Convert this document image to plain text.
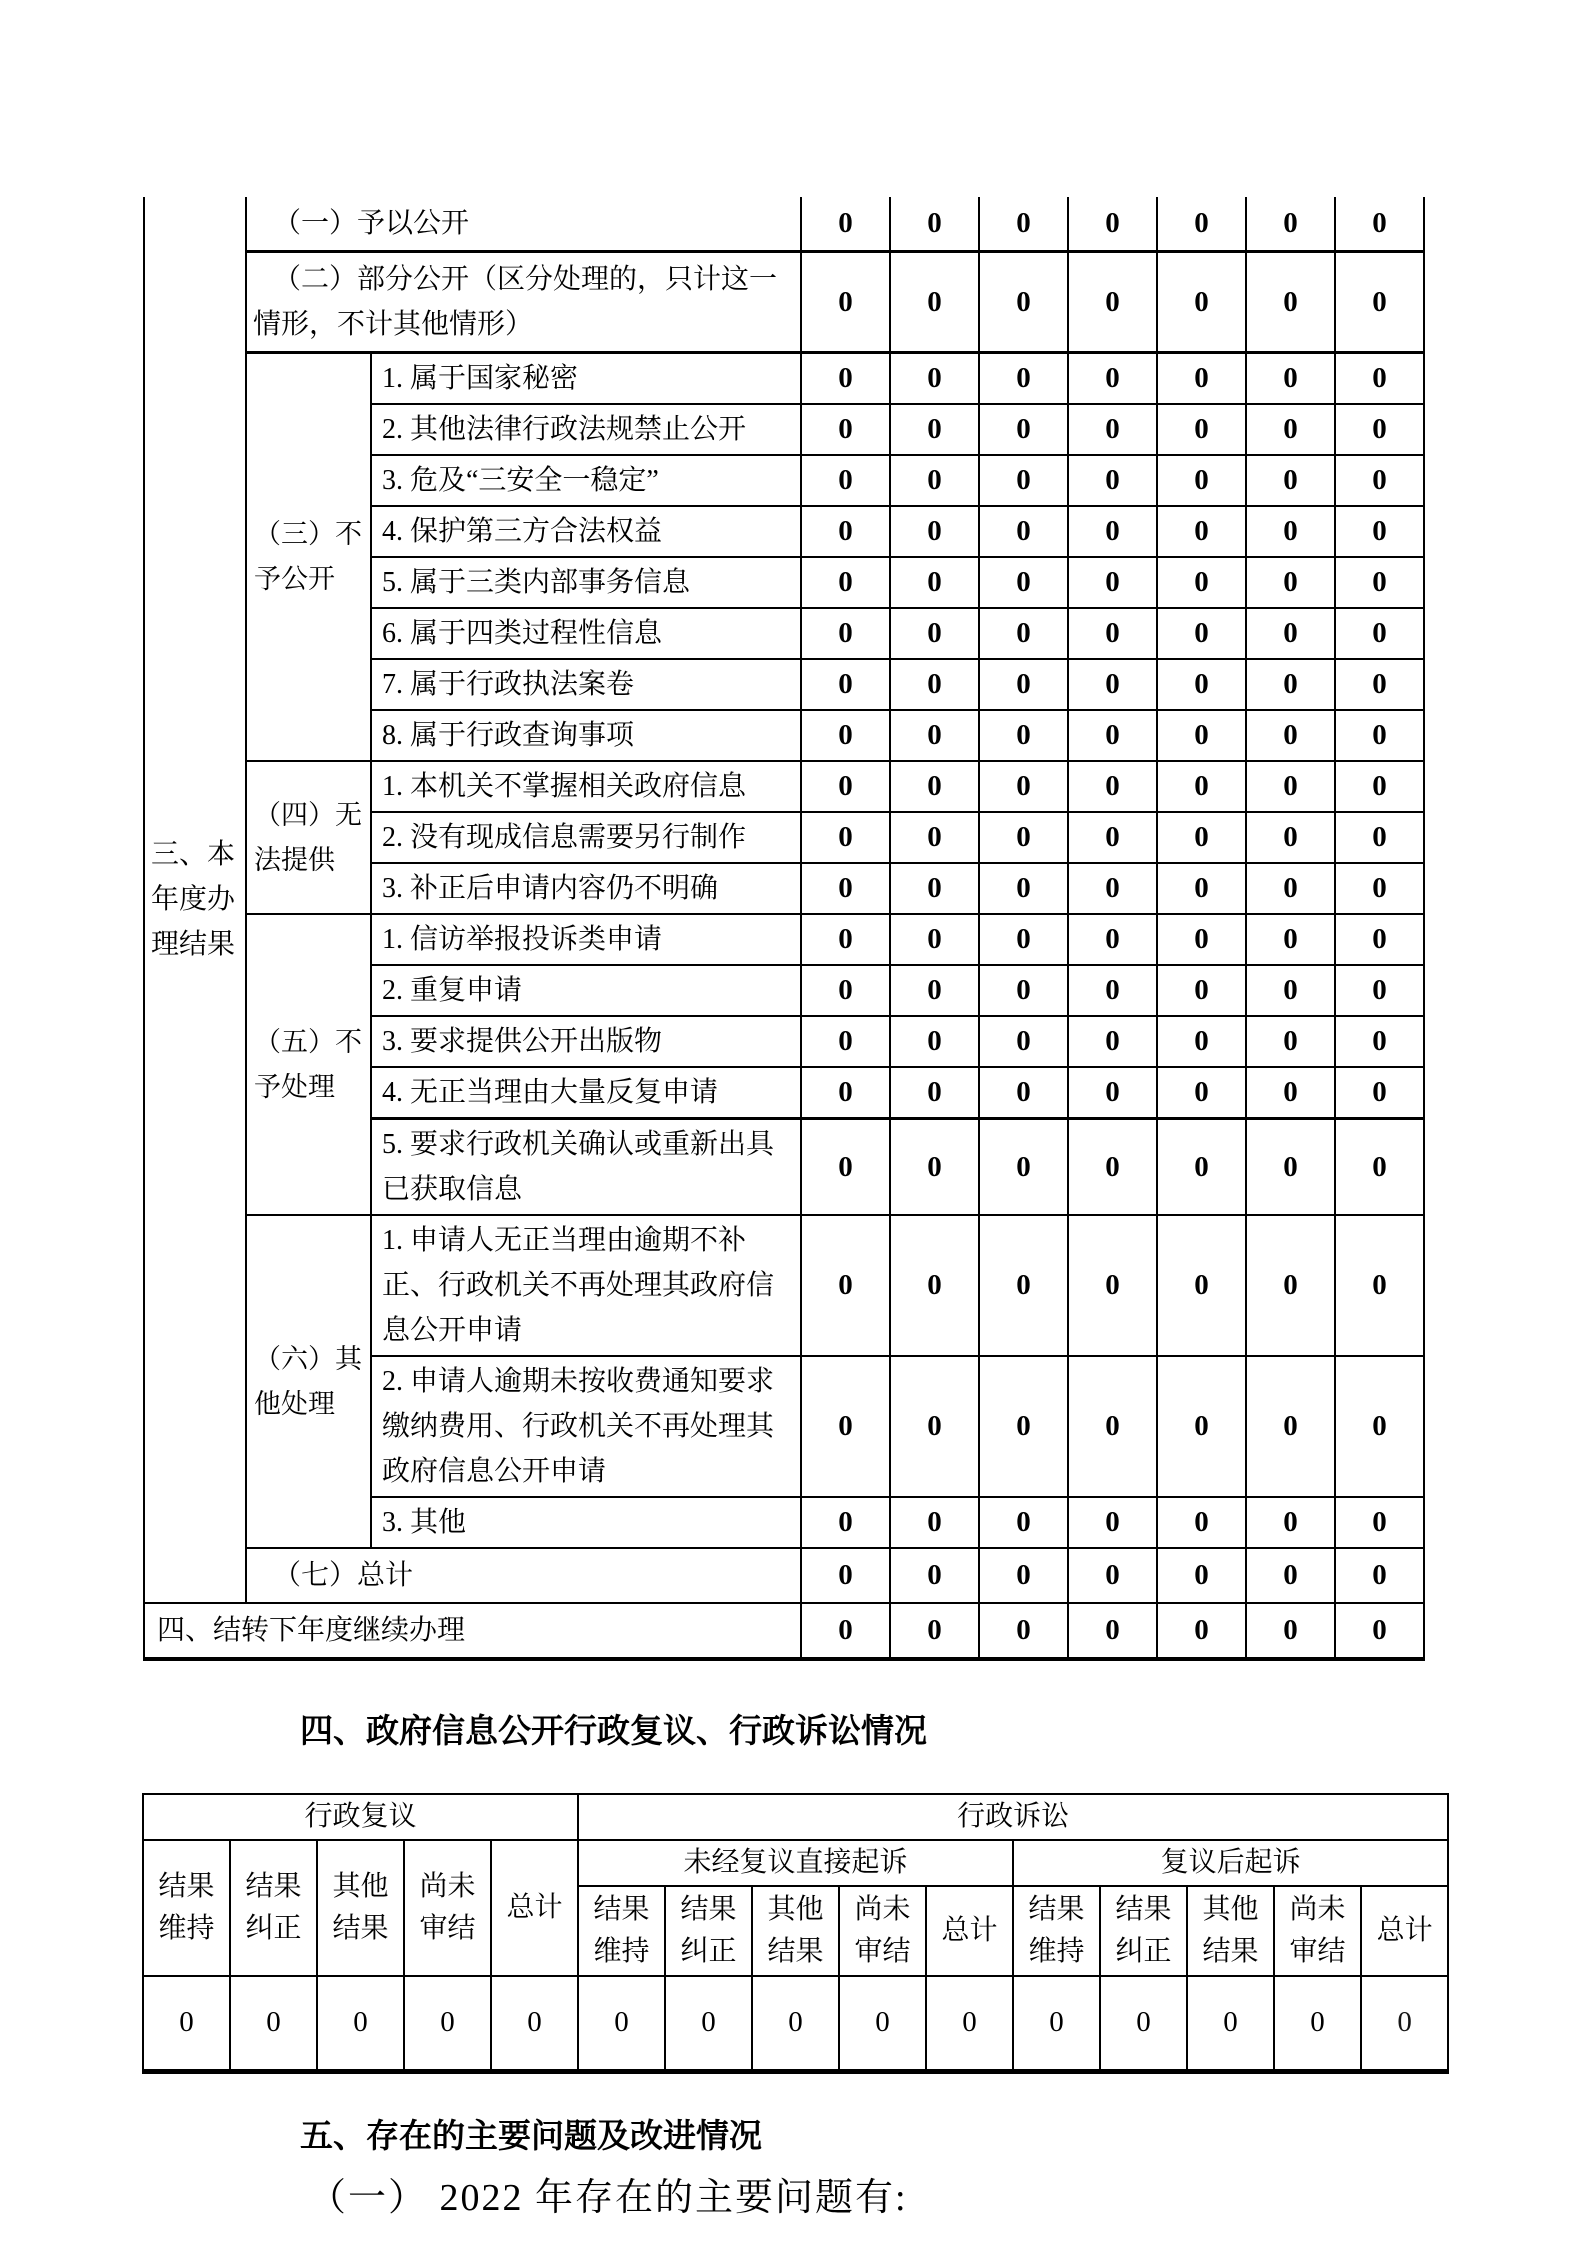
三、本年度办理结果	（一）予以公开		0	0	0	0	0	0	0
	（二）部分公开（区分处理的，只计这一情形，不计其他情形）		0	0	0	0	0	0	0
	（三）不予公开	1. 属于国家秘密	0	0	0	0	0	0	0
		2. 其他法律行政法规禁止公开	0	0	0	0	0	0	0
		3. 危及“三安全一稳定”	0	0	0	0	0	0	0
		4. 保护第三方合法权益	0	0	0	0	0	0	0
		5. 属于三类内部事务信息	0	0	0	0	0	0	0
		6. 属于四类过程性信息	0	0	0	0	0	0	0
		7. 属于行政执法案卷	0	0	0	0	0	0	0
		8. 属于行政查询事项	0	0	0	0	0	0	0
	（四）无法提供	1. 本机关不掌握相关政府信息	0	0	0	0	0	0	0
		2. 没有现成信息需要另行制作	0	0	0	0	0	0	0
		3. 补正后申请内容仍不明确	0	0	0	0	0	0	0
	（五）不予处理	1. 信访举报投诉类申请	0	0	0	0	0	0	0
		2. 重复申请	0	0	0	0	0	0	0
		3. 要求提供公开出版物	0	0	0	0	0	0	0
		4. 无正当理由大量反复申请	0	0	0	0	0	0	0
		5. 要求行政机关确认或重新出具已获取信息	0	0	0	0	0	0	0
	（六）其他处理	1. 申请人无正当理由逾期不补正、行政机关不再处理其政府信息公开申请	0	0	0	0	0	0	0
		2. 申请人逾期未按收费通知要求缴纳费用、行政机关不再处理其政府信息公开申请	0	0	0	0	0	0	0
		3. 其他	0	0	0	0	0	0	0
	（七）总计		0	0	0	0	0	0	0
四、结转下年度继续办理			0	0	0	0	0	0	0
四、政府信息公开行政复议、行政诉讼情况
行政复议					行政诉讼									
结果维持	结果纠正	其他结果	尚未审结	总计	未经复议直接起诉					复议后起诉				
					结果维持	结果纠正	其他结果	尚未审结	总计	结果维持	结果纠正	其他结果	尚未审结	总计
0	0	0	0	0	0	0	0	0	0	0	0	0	0	0
五、存在的主要问题及改进情况

（一） 2022 年存在的主要问题有:
